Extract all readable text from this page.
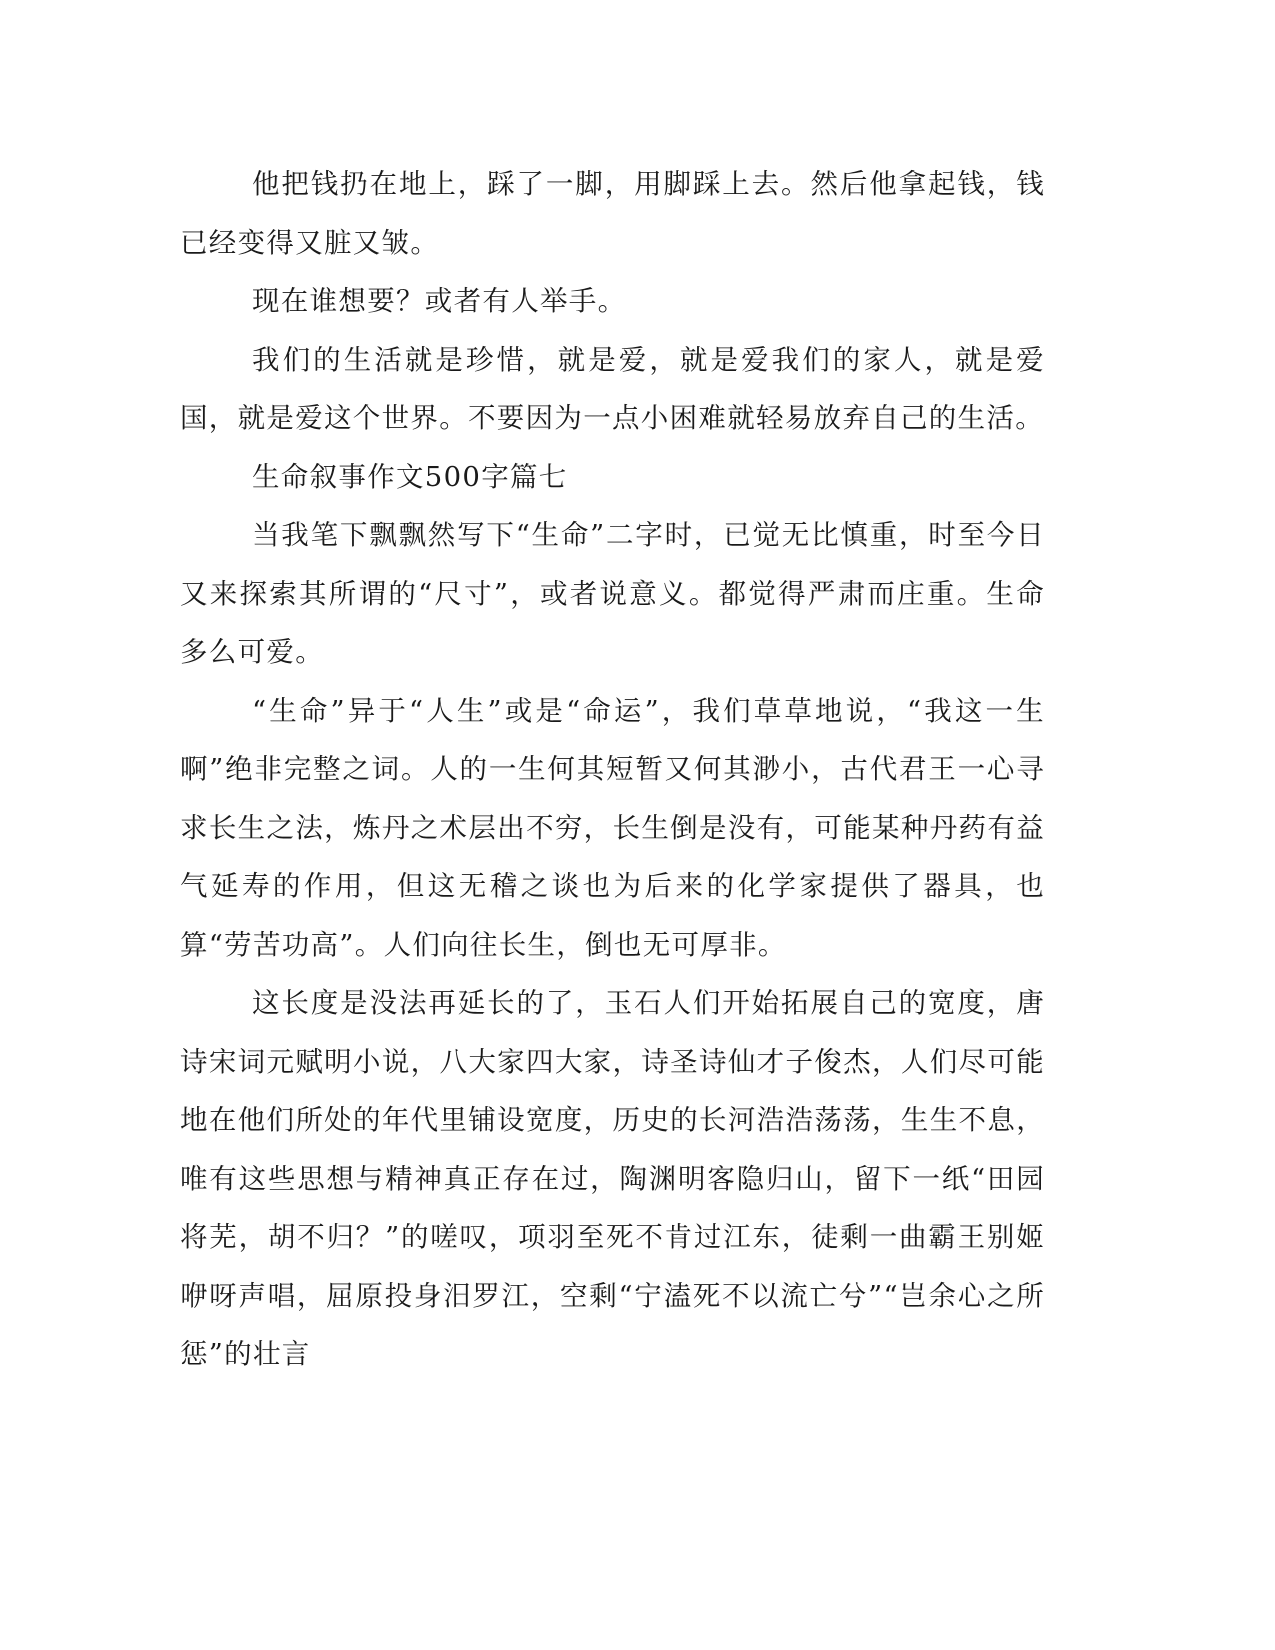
他把钱扔在地上，踩了一脚，用脚踩上去。然后他拿起钱，钱已经变得又脏又皱。

现在谁想要？或者有人举手。

我们的生活就是珍惜，就是爱，就是爱我们的家人，就是爱国，就是爱这个世界。不要因为一点小困难就轻易放弃自己的生活。

生命叙事作文500字篇七

当我笔下飘飘然写下“生命”二字时，已觉无比慎重，时至今日又来探索其所谓的“尺寸”，或者说意义。都觉得严肃而庄重。生命多么可爱。

“生命”异于“人生”或是“命运”，我们草草地说，“我这一生啊”绝非完整之词。人的一生何其短暂又何其渺小，古代君王一心寻求长生之法，炼丹之术层出不穷，长生倒是没有，可能某种丹药有益气延寿的作用，但这无稽之谈也为后来的化学家提供了器具，也算“劳苦功高”。人们向往长生，倒也无可厚非。

这长度是没法再延长的了，玉石人们开始拓展自己的宽度，唐诗宋词元赋明小说，八大家四大家，诗圣诗仙才子俊杰，人们尽可能地在他们所处的年代里铺设宽度，历史的长河浩浩荡荡，生生不息，唯有这些思想与精神真正存在过，陶渊明客隐归山，留下一纸“田园将芜，胡不归？”的嗟叹，项羽至死不肯过江东，徒剩一曲霸王别姬咿呀声唱，屈原投身汨罗江，空剩“宁溘死不以流亡兮”“岂余心之所惩”的壮言
